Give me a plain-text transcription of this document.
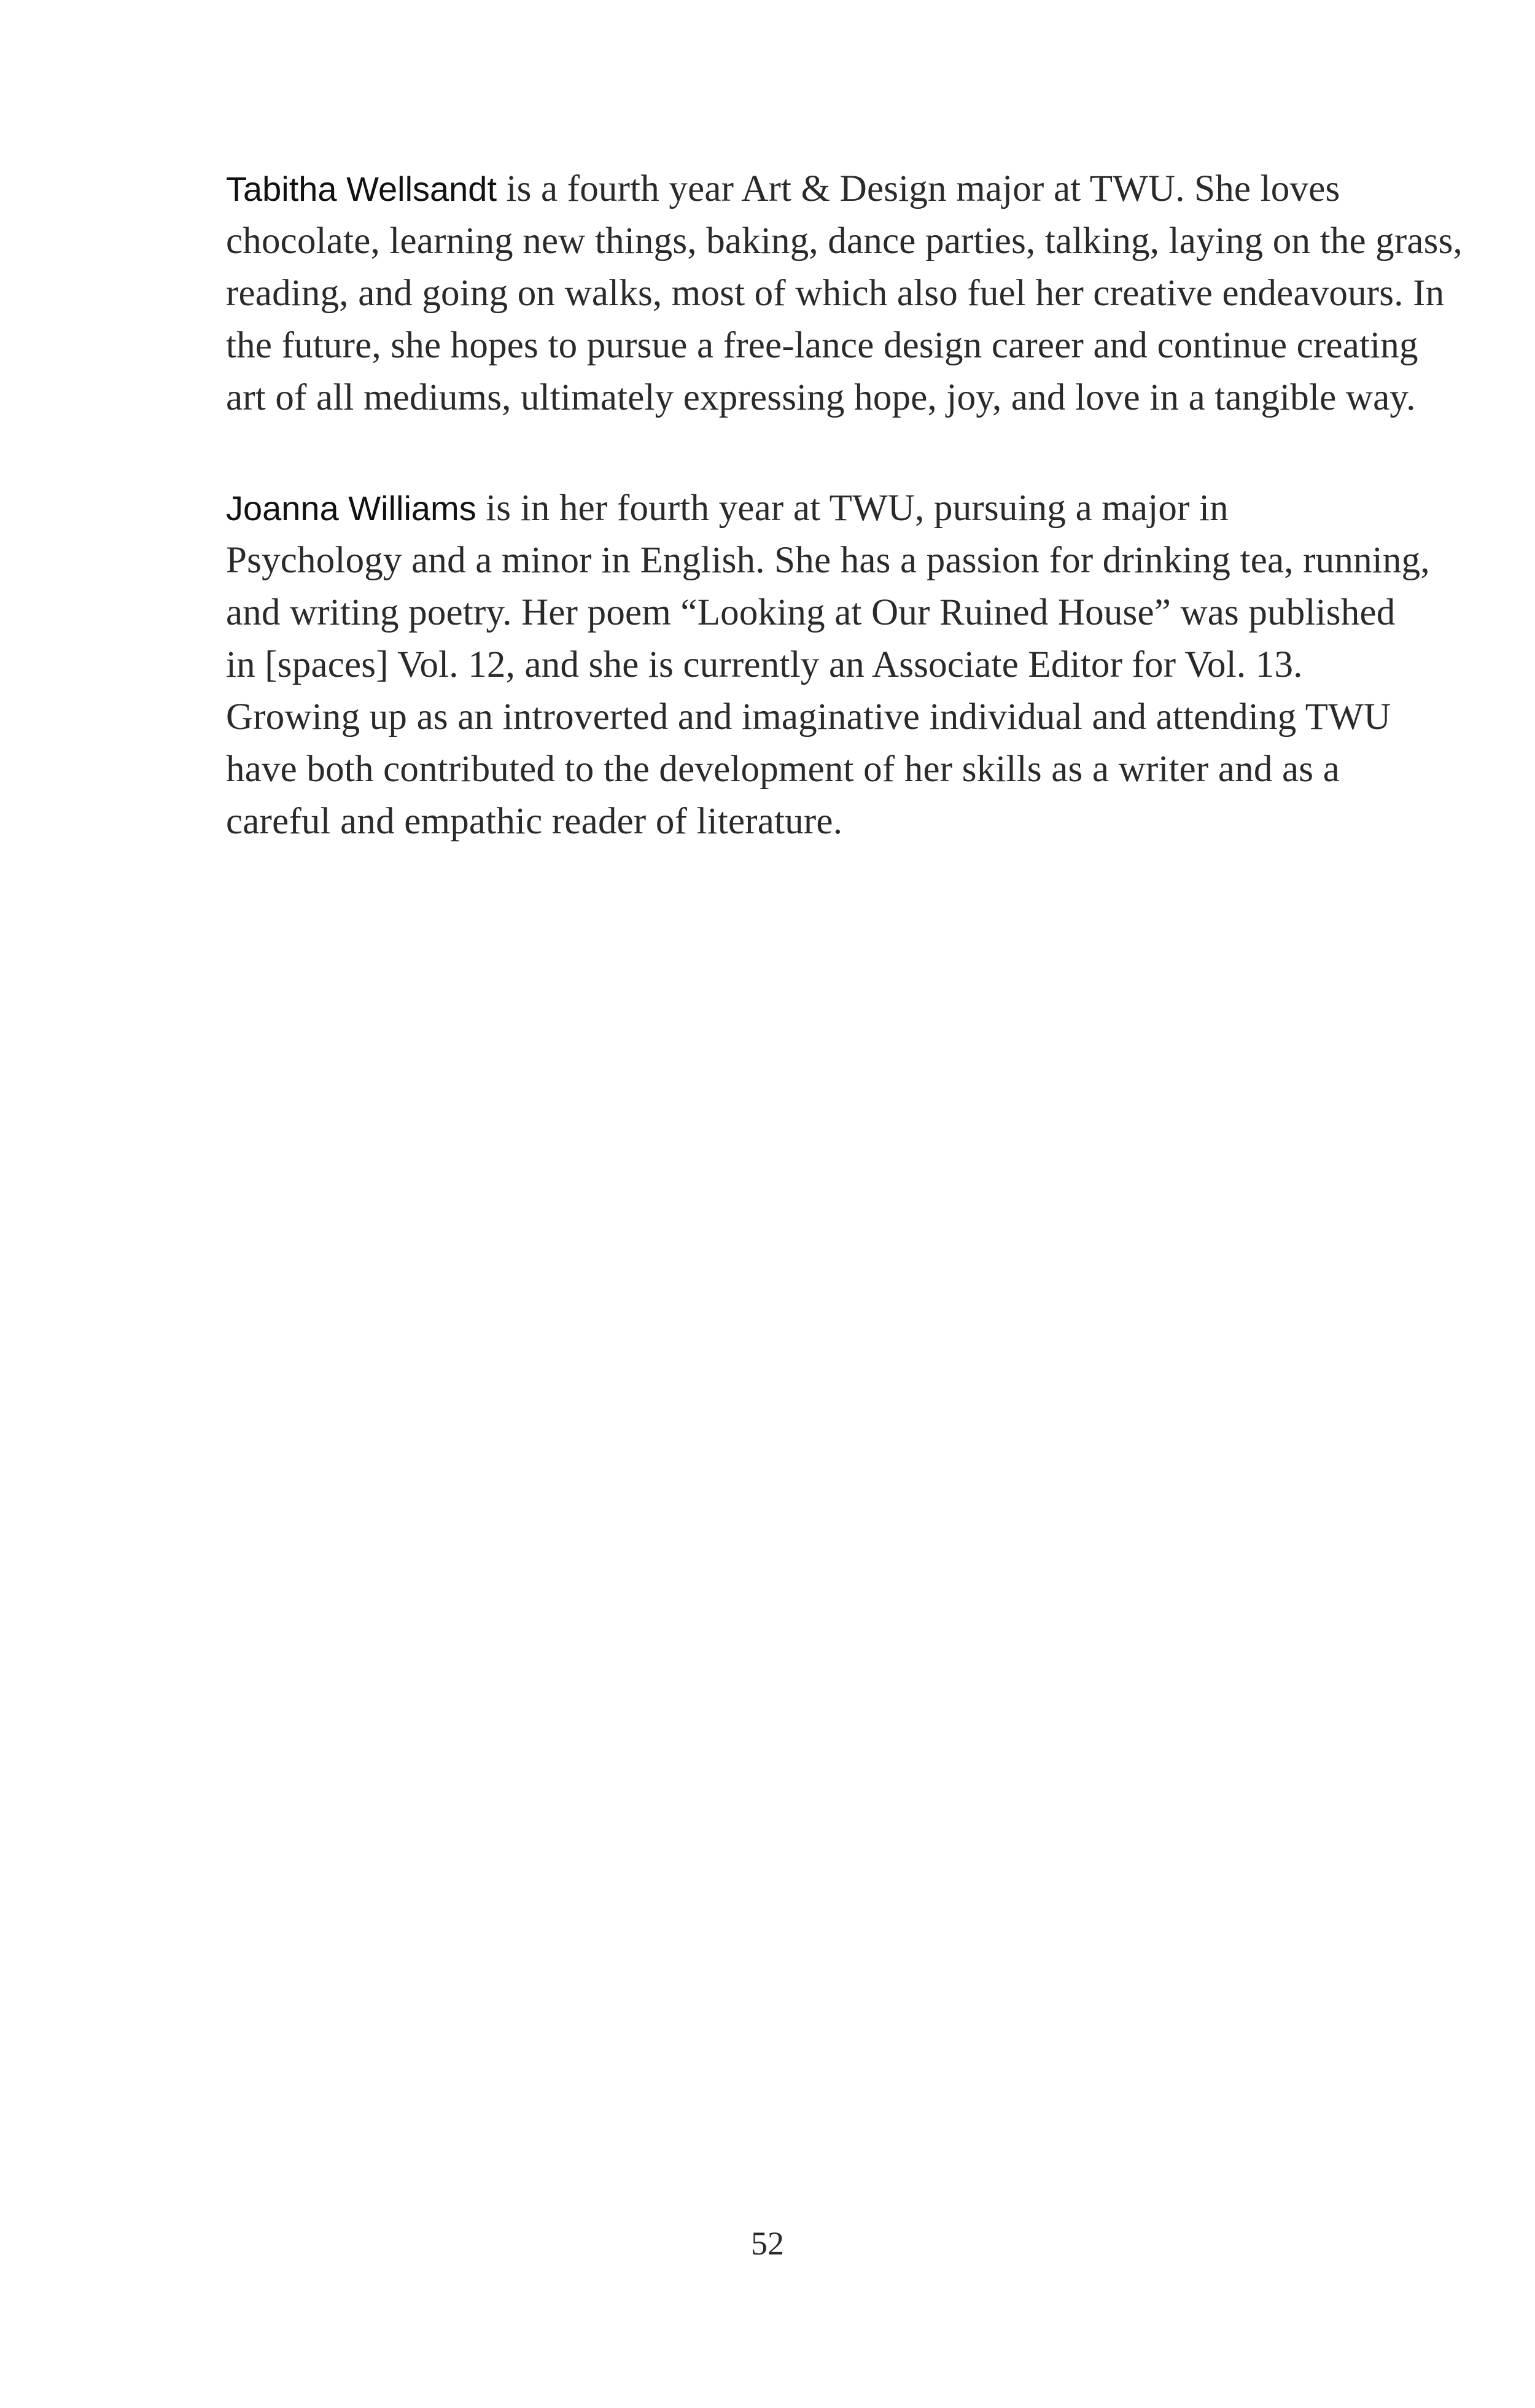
Tabitha Wellsandt is a fourth year Art & Design major at TWU. She loves
chocolate, learning new things, baking, dance parties, talking, laying on the grass,
reading, and going on walks, most of which also fuel her creative endeavours. In
the future, she hopes to pursue a free-lance design career and continue creating
art of all mediums, ultimately expressing hope, joy, and love in a tangible way.

Joanna Williams is in her fourth year at TWU, pursuing a major in
Psychology and a minor in English. She has a passion for drinking tea, running,
and writing poetry. Her poem “Looking at Our Ruined House” was published
in [spaces] Vol. 12, and she is currently an Associate Editor for Vol. 13.
Growing up as an introverted and imaginative individual and attending TWU
have both contributed to the development of her skills as a writer and as a
careful and empathic reader of literature.

52
